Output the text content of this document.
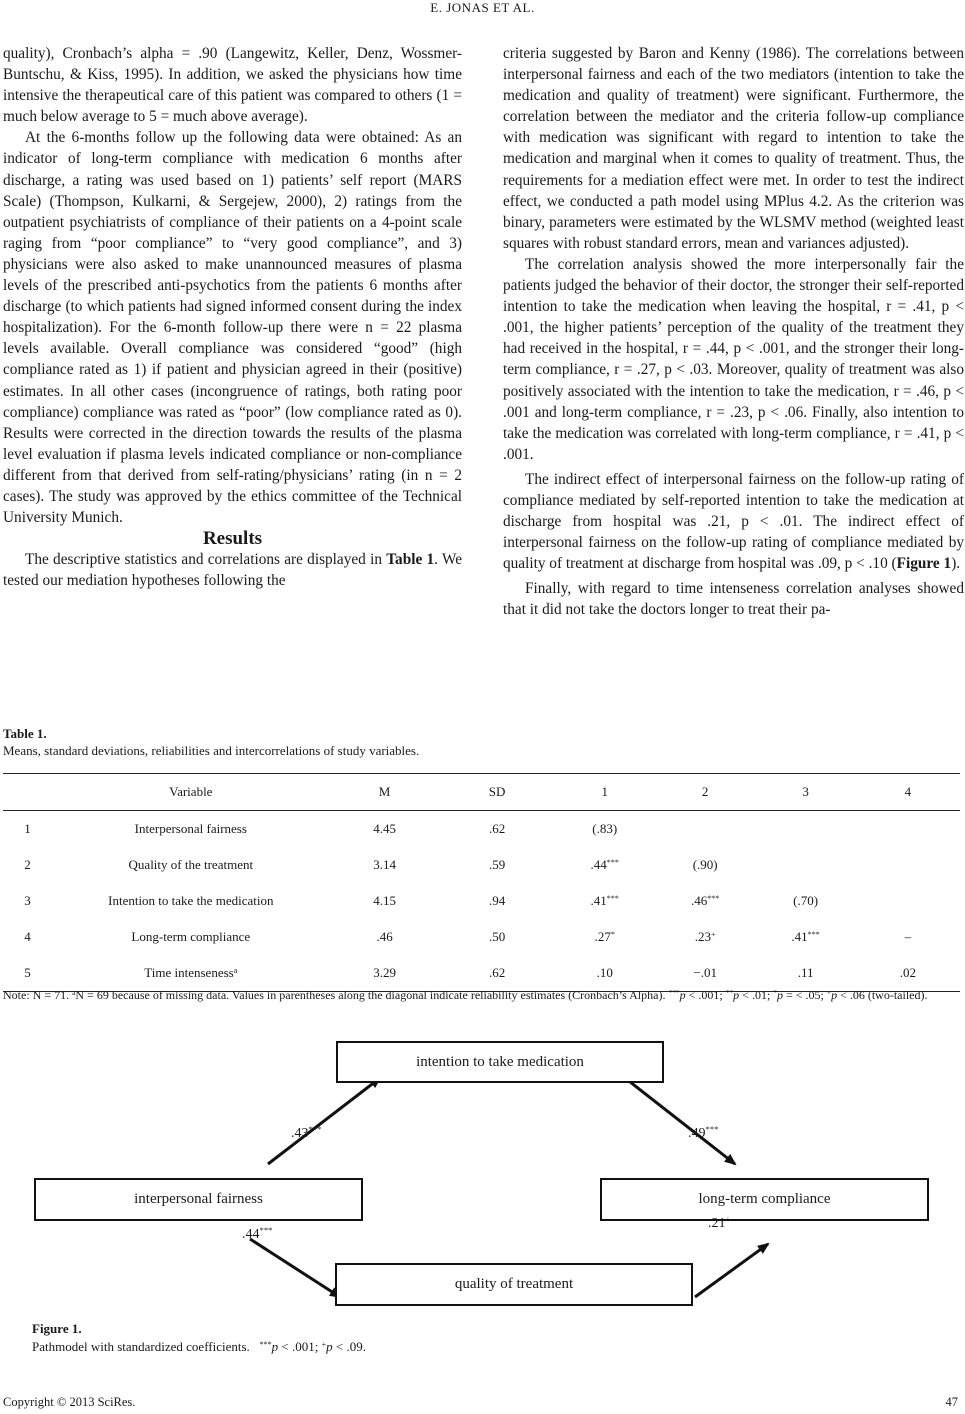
E. JONAS ET AL.

quality), Cronbach’s alpha = .90 (Langewitz, Keller, Denz, Wossmer-Buntschu, & Kiss, 1995). In addition, we asked the physicians how time intensive the therapeutical care of this patient was compared to others (1 = much below average to 5 = much above average).

At the 6-months follow up the following data were obtained: As an indicator of long-term compliance with medication 6 months after discharge, a rating was used based on 1) patients’ self report (MARS Scale) (Thompson, Kulkarni, & Sergejew, 2000), 2) ratings from the outpatient psychiatrists of compliance of their patients on a 4-point scale raging from “poor compliance” to “very good compliance”, and 3) physicians were also asked to make unannounced measures of plasma levels of the prescribed anti-psychotics from the patients 6 months after discharge (to which patients had signed informed consent during the index hospitalization). For the 6-month follow-up there were n = 22 plasma levels available. Overall compliance was considered “good” (high compliance rated as 1) if patient and physician agreed in their (positive) estimates. In all other cases (incongruence of ratings, both rating poor compliance) compliance was rated as “poor” (low compliance rated as 0). Results were corrected in the direction towards the results of the plasma level evaluation if plasma levels indicated compliance or non-compliance different from that derived from self-rating/physicians’ rating (in n = 2 cases). The study was approved by the ethics committee of the Technical University Munich.

Results

The descriptive statistics and correlations are displayed in Table 1. We tested our mediation hypotheses following the

criteria suggested by Baron and Kenny (1986). The correlations between interpersonal fairness and each of the two mediators (intention to take the medication and quality of treatment) were significant. Furthermore, the correlation between the mediator and the criteria follow-up compliance with medication was significant with regard to intention to take the medication and marginal when it comes to quality of treatment. Thus, the requirements for a mediation effect were met. In order to test the indirect effect, we conducted a path model using MPlus 4.2. As the criterion was binary, parameters were estimated by the WLSMV method (weighted least squares with robust standard errors, mean and variances adjusted).

The correlation analysis showed the more interpersonally fair the patients judged the behavior of their doctor, the stronger their self-reported intention to take the medication when leaving the hospital, r = .41, p < .001, the higher patients’ perception of the quality of the treatment they had received in the hospital, r = .44, p < .001, and the stronger their long-term compliance, r = .27, p < .03. Moreover, quality of treatment was also positively associated with the intention to take the medication, r = .46, p < .001 and long-term compliance, r = .23, p < .06. Finally, also intention to take the medication was correlated with long-term compliance, r = .41, p < .001.

The indirect effect of interpersonal fairness on the follow-up rating of compliance mediated by self-reported intention to take the medication at discharge from hospital was .21, p < .01. The indirect effect of interpersonal fairness on the follow-up rating of compliance mediated by quality of treatment at discharge from hospital was .09, p < .10 (Figure 1).

Finally, with regard to time intenseness correlation analyses showed that it did not take the doctors longer to treat their pa-

Table 1.
Means, standard deviations, reliabilities and intercorrelations of study variables.
	Variable	M	SD	1	2	3	4
1	Interpersonal fairness	4.45	.62	(.83)			
2	Quality of the treatment	3.14	.59	.44***	(.90)		
3	Intention to take the medication	4.15	.94	.41***	.46***	(.70)	
4	Long-term compliance	.46	.50	.27*	.23+	.41***	–
5	Time intenseness$^a$	3.29	.62	.10	−.01	.11	.02
Note: N = 71. $^a$N = 69 because of missing data. Values in parentheses along the diagonal indicate reliability estimates (Cronbach’s Alpha). ***p < .001; **p < .01; *p = < .05; +p < .06 (two-tailed).
intention to take medication
interpersonal fairness	long-term compliance
quality of treatment
.43***	.49***
.44***	.21+
Figure 1.
Pathmodel with standardized coefficients.   ***p < .001; +p < .09.
Copyright © 2013 SciRes.	47
